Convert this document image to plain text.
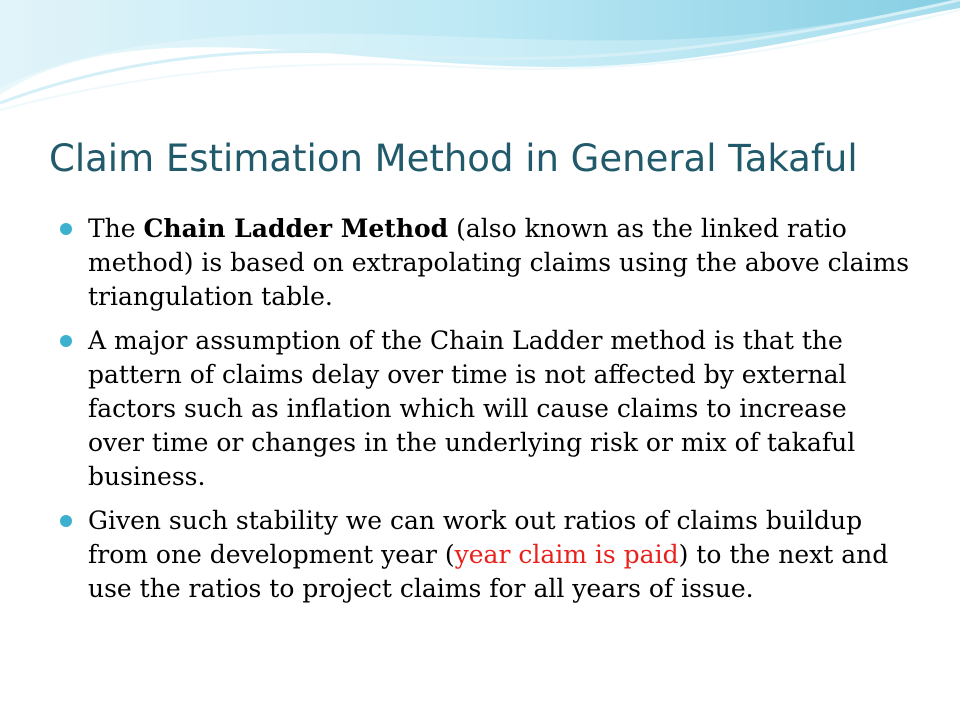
Claim Estimation Method in General Takaful

The Chain Ladder Method (also known as the linked ratio method) is based on extrapolating claims using the above claims triangulation table.

A major assumption of the Chain Ladder method is that the pattern of claims delay over time is not affected by external factors such as inflation which will cause claims to increase over time or changes in the underlying risk or mix of takaful business.

Given such stability we can work out ratios of claims buildup from one development year (year claim is paid) to the next and use the ratios to project claims for all years of issue.
